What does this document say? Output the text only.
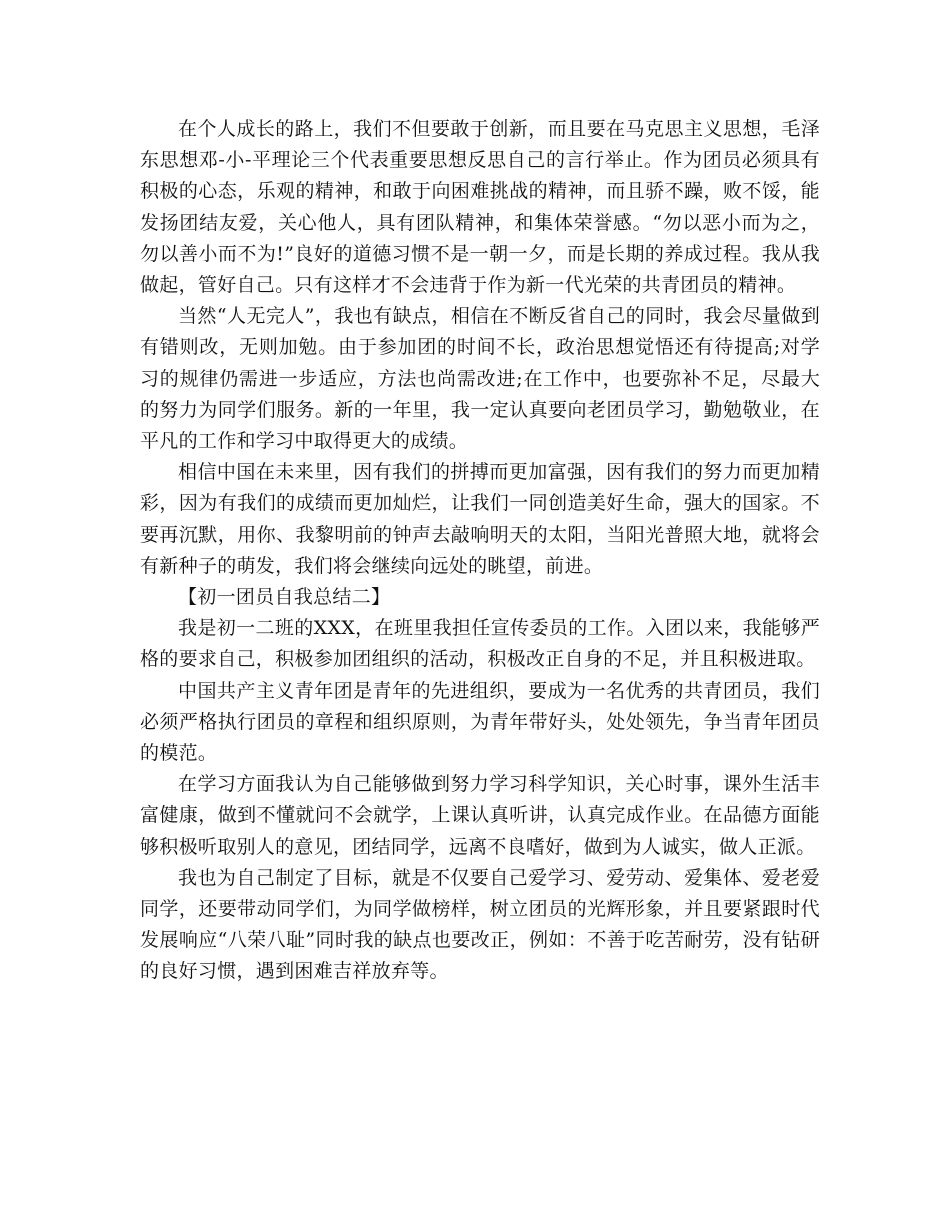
在个人成长的路上，我们不但要敢于创新，而且要在马克思主义思想，毛泽东思想邓-小-平理论三个代表重要思想反思自己的言行举止。作为团员必须具有积极的心态，乐观的精神，和敢于向困难挑战的精神，而且骄不躁，败不馁，能发扬团结友爱，关心他人，具有团队精神，和集体荣誉感。“勿以恶小而为之，勿以善小而不为!”良好的道德习惯不是一朝一夕，而是长期的养成过程。我从我做起，管好自己。只有这样才不会违背于作为新一代光荣的共青团员的精神。

当然“人无完人”，我也有缺点，相信在不断反省自己的同时，我会尽量做到有错则改，无则加勉。由于参加团的时间不长，政治思想觉悟还有待提高;对学习的规律仍需进一步适应，方法也尚需改进;在工作中，也要弥补不足，尽最大的努力为同学们服务。新的一年里，我一定认真要向老团员学习，勤勉敬业，在平凡的工作和学习中取得更大的成绩。

相信中国在未来里，因有我们的拼搏而更加富强，因有我们的努力而更加精彩，因为有我们的成绩而更加灿烂，让我们一同创造美好生命，强大的国家。不要再沉默，用你、我黎明前的钟声去敲响明天的太阳，当阳光普照大地，就将会有新种子的萌发，我们将会继续向远处的眺望，前进。

【初一团员自我总结二】

我是初一二班的XXX，在班里我担任宣传委员的工作。入团以来，我能够严格的要求自己，积极参加团组织的活动，积极改正自身的不足，并且积极进取。

中国共产主义青年团是青年的先进组织，要成为一名优秀的共青团员，我们必须严格执行团员的章程和组织原则，为青年带好头，处处领先，争当青年团员的模范。

在学习方面我认为自己能够做到努力学习科学知识，关心时事，课外生活丰富健康，做到不懂就问不会就学，上课认真听讲，认真完成作业。在品德方面能够积极听取别人的意见，团结同学，远离不良嗜好，做到为人诚实，做人正派。

我也为自己制定了目标，就是不仅要自己爱学习、爱劳动、爱集体、爱老爱同学，还要带动同学们，为同学做榜样，树立团员的光辉形象，并且要紧跟时代发展响应“八荣八耻”同时我的缺点也要改正，例如：不善于吃苦耐劳，没有钻研的良好习惯，遇到困难吉祥放弃等。
